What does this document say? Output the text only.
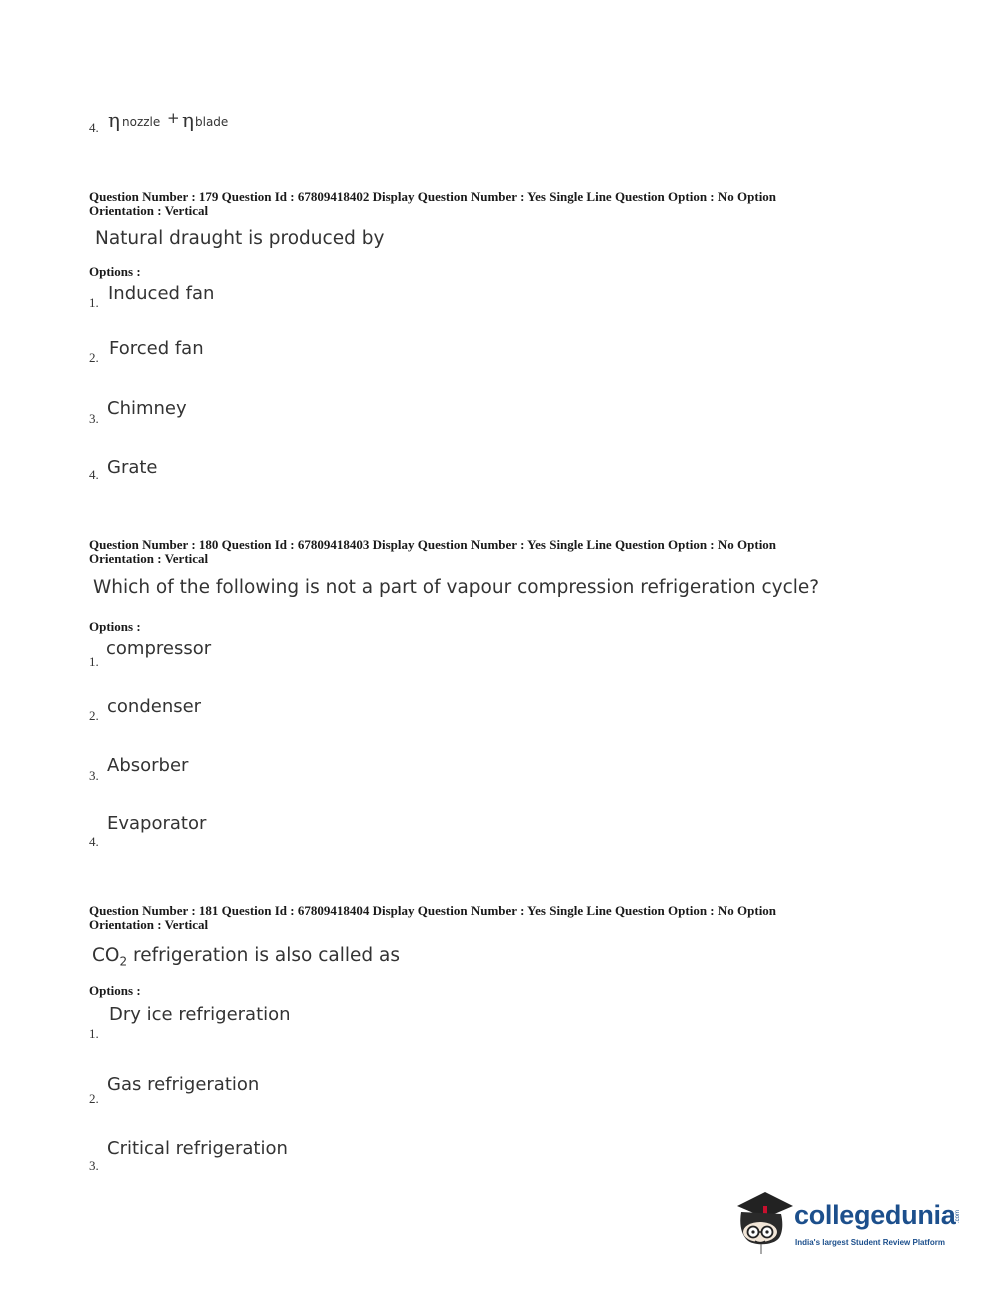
4. η nozzle + η blade
Question Number : 179 Question Id : 67809418402 Display Question Number : Yes Single Line Question Option : No Option
Orientation : Vertical
Natural draught is produced by
Options :
1. Induced fan
2. Forced fan
3. Chimney
4. Grate
Question Number : 180 Question Id : 67809418403 Display Question Number : Yes Single Line Question Option : No Option
Orientation : Vertical
Which of the following is not a part of vapour compression refrigeration cycle?
Options :
1.
compressor
2. condenser
3. Absorber
4.
Evaporator
Question Number : 181 Question Id : 67809418404 Display Question Number : Yes Single Line Question Option : No Option
Orientation : Vertical
$CO_2$ refrigeration is also called as
Options :
1.
Dry ice refrigeration
2.
Gas refrigeration
3.
Critical refrigeration
collegedunia .com
India's largest Student Review Platform
